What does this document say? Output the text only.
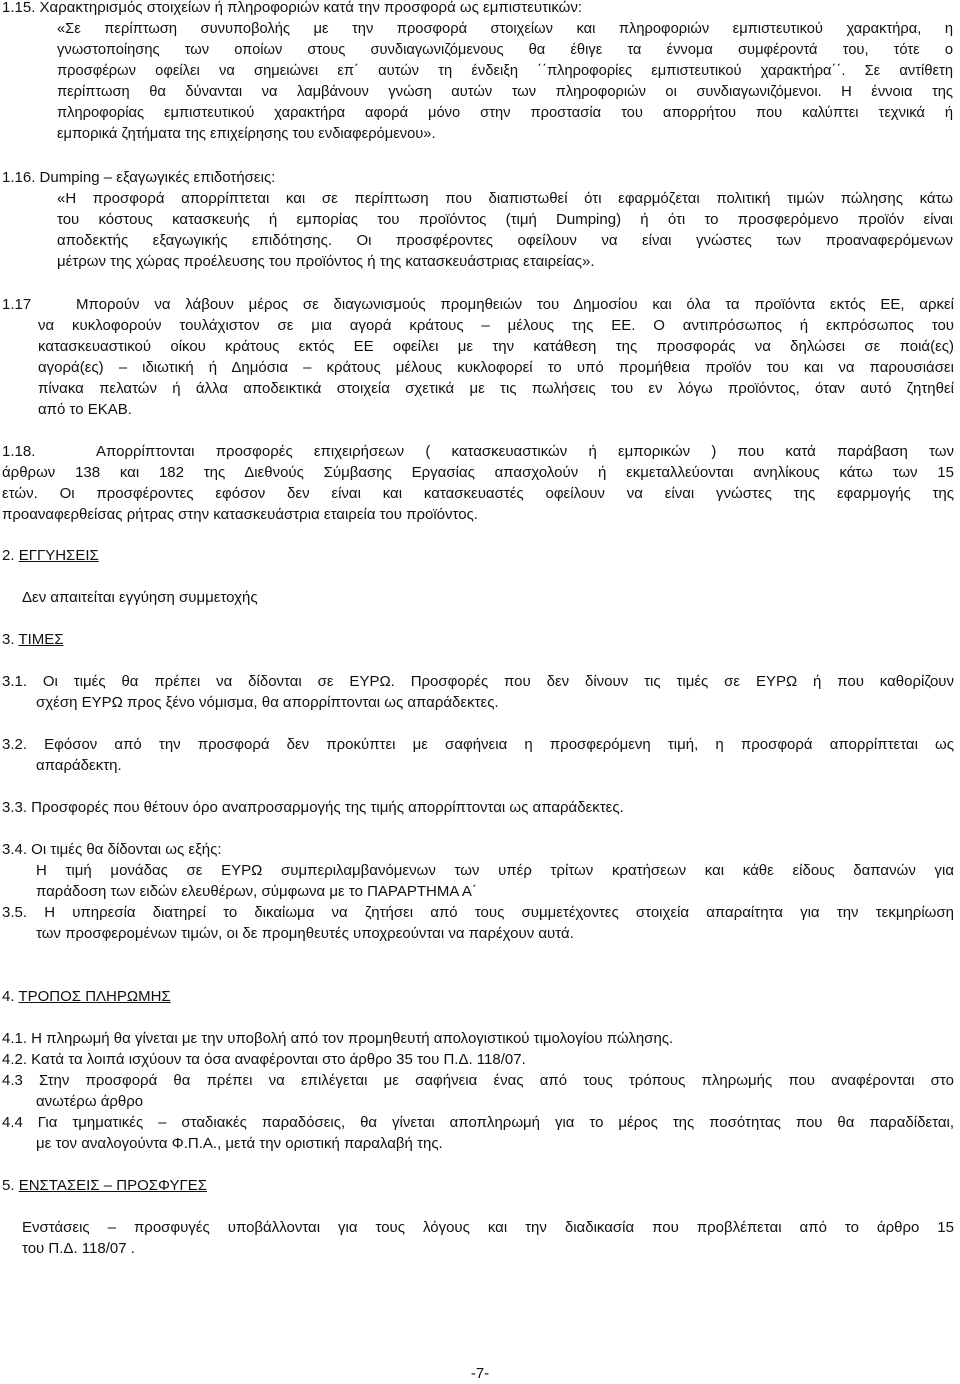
1.15. Χαρακτηρισμός στοιχείων ή πληροφοριών κατά την προσφορά ως εμπιστευτικών:
«Σε περίπτωση συνυποβολής με την προσφορά στοιχείων και πληροφοριών εμπιστευτικού χαρακτήρα, η
γνωστοποίησης των οποίων στους συνδιαγωνιζόμενους θα έθιγε τα έννομα συμφέροντά του, τότε ο
προσφέρων οφείλει να σημειώνει επ΄ αυτών τη ένδειξη ΄΄πληροφορίες εμπιστευτικού χαρακτήρα΄΄. Σε αντίθετη
περίπτωση θα δύνανται να λαμβάνουν γνώση αυτών των πληροφοριών οι συνδιαγωνιζόμενοι. Η έννοια της
πληροφορίας εμπιστευτικού χαρακτήρα αφορά μόνο στην προστασία του απορρήτου που καλύπτει τεχνικά ή
εμπορικά ζητήματα της επιχείρησης του ενδιαφερόμενου».
1.16. Dumping – εξαγωγικές επιδοτήσεις:
«Η προσφορά απορρίπτεται και σε περίπτωση που διαπιστωθεί ότι εφαρμόζεται πολιτική τιμών πώλησης κάτω
του κόστους κατασκευής ή εμπορίας του προϊόντος (τιμή Dumping) ή ότι το προσφερόμενο προϊόν είναι
αποδεκτής εξαγωγικής επιδότησης. Οι προσφέροντες οφείλουν να είναι γνώστες των προαναφερόμενων
μέτρων της χώρας προέλευσης του προϊόντος ή της κατασκευάστριας εταιρείας».
1.17	Μπορούν να λάβουν μέρος σε διαγωνισμούς προμηθειών του Δημοσίου και όλα τα προϊόντα εκτός ΕΕ, αρκεί
να κυκλοφορούν τουλάχιστον σε μια αγορά κράτους – μέλους της ΕΕ. Ο αντιπρόσωπος ή εκπρόσωπος του
κατασκευαστικού οίκου κράτους εκτός ΕΕ οφείλει με την κατάθεση της προσφοράς να δηλώσει σε ποιά(ες)
αγορά(ες) – ιδιωτική ή Δημόσια – κράτους μέλους κυκλοφορεί το υπό προμήθεια προϊόν του και να παρουσιάσει
πίνακα πελατών ή άλλα αποδεικτικά στοιχεία σχετικά με τις πωλήσεις του εν λόγω προϊόντος, όταν αυτό ζητηθεί
από το ΕΚΑΒ.
1.18.	Απορρίπτονται προσφορές επιχειρήσεων ( κατασκευαστικών ή εμπορικών ) που κατά παράβαση των
άρθρων 138 και 182 της Διεθνούς Σύμβασης Εργασίας απασχολούν ή εκμεταλλεύονται ανηλίκους κάτω των 15
ετών. Οι προσφέροντες εφόσον δεν είναι και κατασκευαστές οφείλουν να είναι γνώστες της εφαρμογής της
προαναφερθείσας ρήτρας στην κατασκευάστρια εταιρεία του προϊόντος.
2. ΕΓΓΥΗΣΕΙΣ
Δεν απαιτείται εγγύηση συμμετοχής
3. ΤΙΜΕΣ
3.1. Οι τιμές θα πρέπει να δίδονται σε ΕΥΡΩ. Προσφορές που δεν δίνουν τις τιμές σε ΕΥΡΩ ή που καθορίζουν
σχέση ΕΥΡΩ προς ξένο νόμισμα, θα απορρίπτονται ως απαράδεκτες.
3.2. Εφόσον από την προσφορά δεν προκύπτει με σαφήνεια η προσφερόμενη τιμή, η προσφορά απορρίπτεται ως
απαράδεκτη.
3.3. Προσφορές που θέτουν όρο αναπροσαρμογής της τιμής απορρίπτονται ως απαράδεκτες.
3.4. Οι τιμές θα δίδονται ως εξής:
Η τιμή μονάδας σε ΕΥΡΩ συμπεριλαμβανόμενων των υπέρ τρίτων κρατήσεων και κάθε είδους δαπανών για
παράδοση των ειδών ελευθέρων, σύμφωνα με το ΠΑΡΑΡΤΗΜΑ Α΄
3.5. Η υπηρεσία διατηρεί το δικαίωμα να ζητήσει από τους συμμετέχοντες στοιχεία απαραίτητα για την τεκμηρίωση
των προσφερομένων τιμών, οι δε προμηθευτές υποχρεούνται να παρέχουν αυτά.
4. ΤΡΟΠΟΣ ΠΛΗΡΩΜΗΣ
4.1. Η πληρωμή θα γίνεται με την υποβολή από τον προμηθευτή απολογιστικού τιμολογίου πώλησης.
4.2. Κατά τα λοιπά ισχύουν τα όσα αναφέρονται στο άρθρο 35 του Π.Δ. 118/07.
4.3 Στην προσφορά θα πρέπει να επιλέγεται με σαφήνεια ένας από τους τρόπους πληρωμής που αναφέρονται στο
ανωτέρω άρθρο
4.4 Για τμηματικές – σταδιακές παραδόσεις, θα γίνεται αποπληρωμή για το μέρος της ποσότητας που θα παραδίδεται,
με τον αναλογούντα Φ.Π.Α., μετά την οριστική παραλαβή της.
5. ΕΝΣΤΑΣΕΙΣ – ΠΡΟΣΦΥΓΕΣ
Ενστάσεις – προσφυγές υποβάλλονται για τους λόγους και την διαδικασία που προβλέπεται από το άρθρο 15
του Π.Δ. 118/07 .
-7-
